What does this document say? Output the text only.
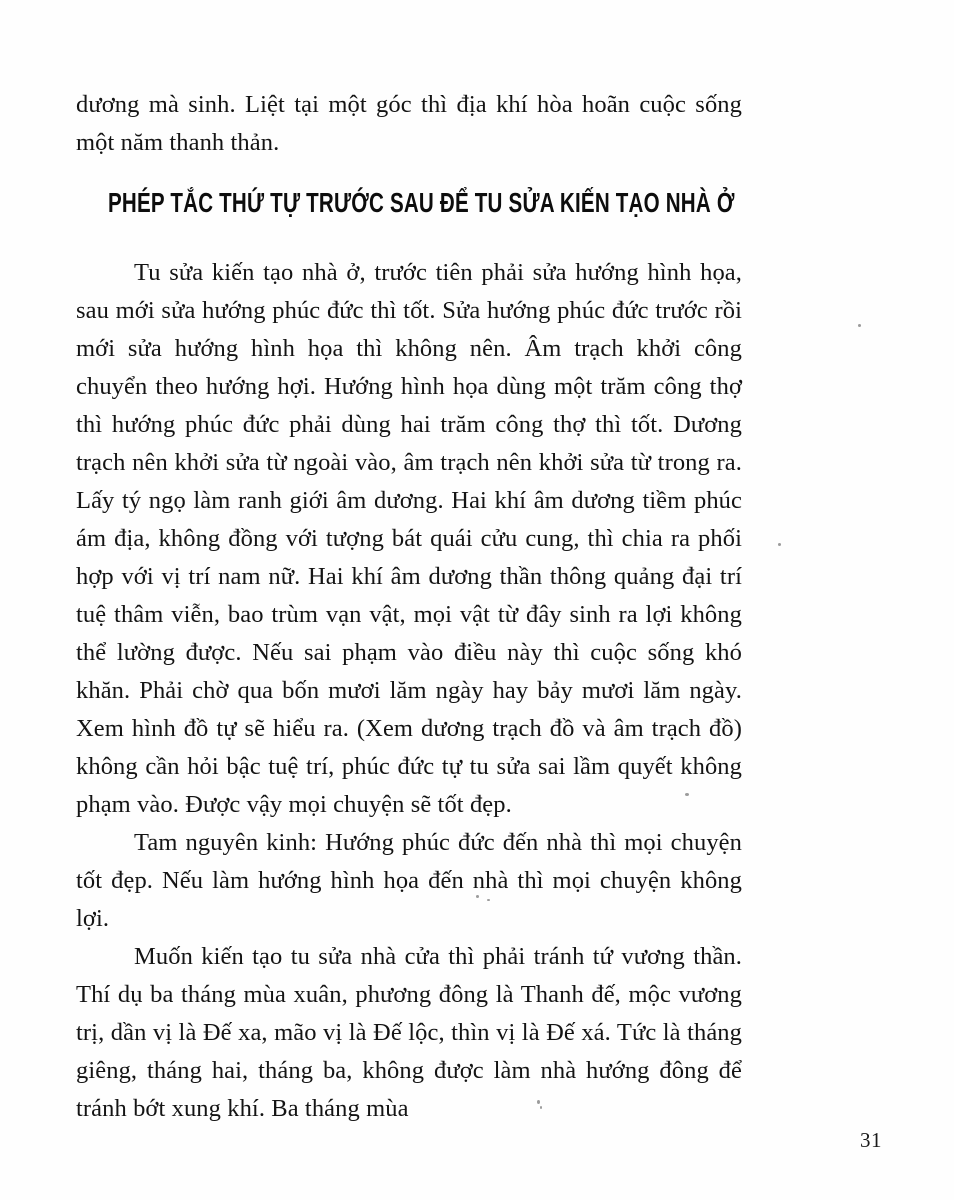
dương mà sinh. Liệt tại một góc thì địa khí hòa hoãn cuộc sống một năm thanh thản.

PHÉP TẮC THỨ TỰ TRƯỚC SAU ĐỂ TU SỬA KIẾN TẠO NHÀ Ở

Tu sửa kiến tạo nhà ở, trước tiên phải sửa hướng hình họa, sau mới sửa hướng phúc đức thì tốt. Sửa hướng phúc đức trước rồi mới sửa hướng hình họa thì không nên. Âm trạch khởi công chuyển theo hướng hợi. Hướng hình họa dùng một trăm công thợ thì hướng phúc đức phải dùng hai trăm công thợ thì tốt. Dương trạch nên khởi sửa từ ngoài vào, âm trạch nên khởi sửa từ trong ra. Lấy tý ngọ làm ranh giới âm dương. Hai khí âm dương tiềm phúc ám địa, không đồng với tượng bát quái cửu cung, thì chia ra phối hợp với vị trí nam nữ. Hai khí âm dương thần thông quảng đại trí tuệ thâm viễn, bao trùm vạn vật, mọi vật từ đây sinh ra lợi không thể lường được. Nếu sai phạm vào điều này thì cuộc sống khó khăn. Phải chờ qua bốn mươi lăm ngày hay bảy mươi lăm ngày. Xem hình đồ tự sẽ hiểu ra. (Xem dương trạch đồ và âm trạch đồ) không cần hỏi bậc tuệ trí, phúc đức tự tu sửa sai lầm quyết không phạm vào. Được vậy mọi chuyện sẽ tốt đẹp.

Tam nguyên kinh: Hướng phúc đức đến nhà thì mọi chuyện tốt đẹp. Nếu làm hướng hình họa đến nhà thì mọi chuyện không lợi.

Muốn kiến tạo tu sửa nhà cửa thì phải tránh tứ vương thần. Thí dụ ba tháng mùa xuân, phương đông là Thanh đế, mộc vương trị, dần vị là Đế xa, mão vị là Đế lộc, thìn vị là Đế xá. Tức là tháng giêng, tháng hai, tháng ba, không được làm nhà hướng đông để tránh bớt xung khí. Ba tháng mùa

31
